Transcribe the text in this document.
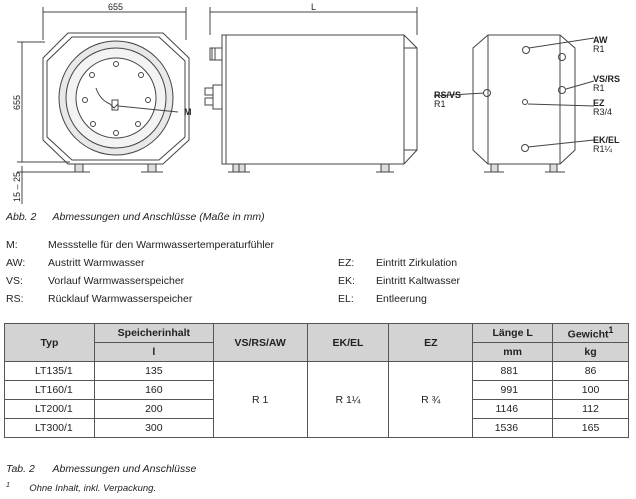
655
655
15 – 25
M
L
AW
R1
VS/RS
R1
EZ
R3/4
EK/EL
R1¼
RS/VS
R1
Abb. 2 Abmessungen und Anschlüsse (Maße in mm)
M:	Messstelle für den Warmwassertemperaturfühler
AW: Austritt Warmwasser	EZ: Eintritt Zirkulation
VS: Vorlauf Warmwasserspeicher	EK: Eintritt Kaltwasser
RS: Rücklauf Warmwasserspeicher	EL: Entleerung
Typ	Speicherinhalt	VS/RS/AW	EK/EL	EZ	Länge L	Gewicht$^1$
	l				mm	kg
LT135/1	135	R 1	R 1¼	R ¾	881	86
LT160/1	160				991	100
LT200/1	200				1146	112
LT300/1	300				1536	165
Tab. 2 Abmessungen und Anschlüsse
$^1$ Ohne Inhalt, inkl. Verpackung.
